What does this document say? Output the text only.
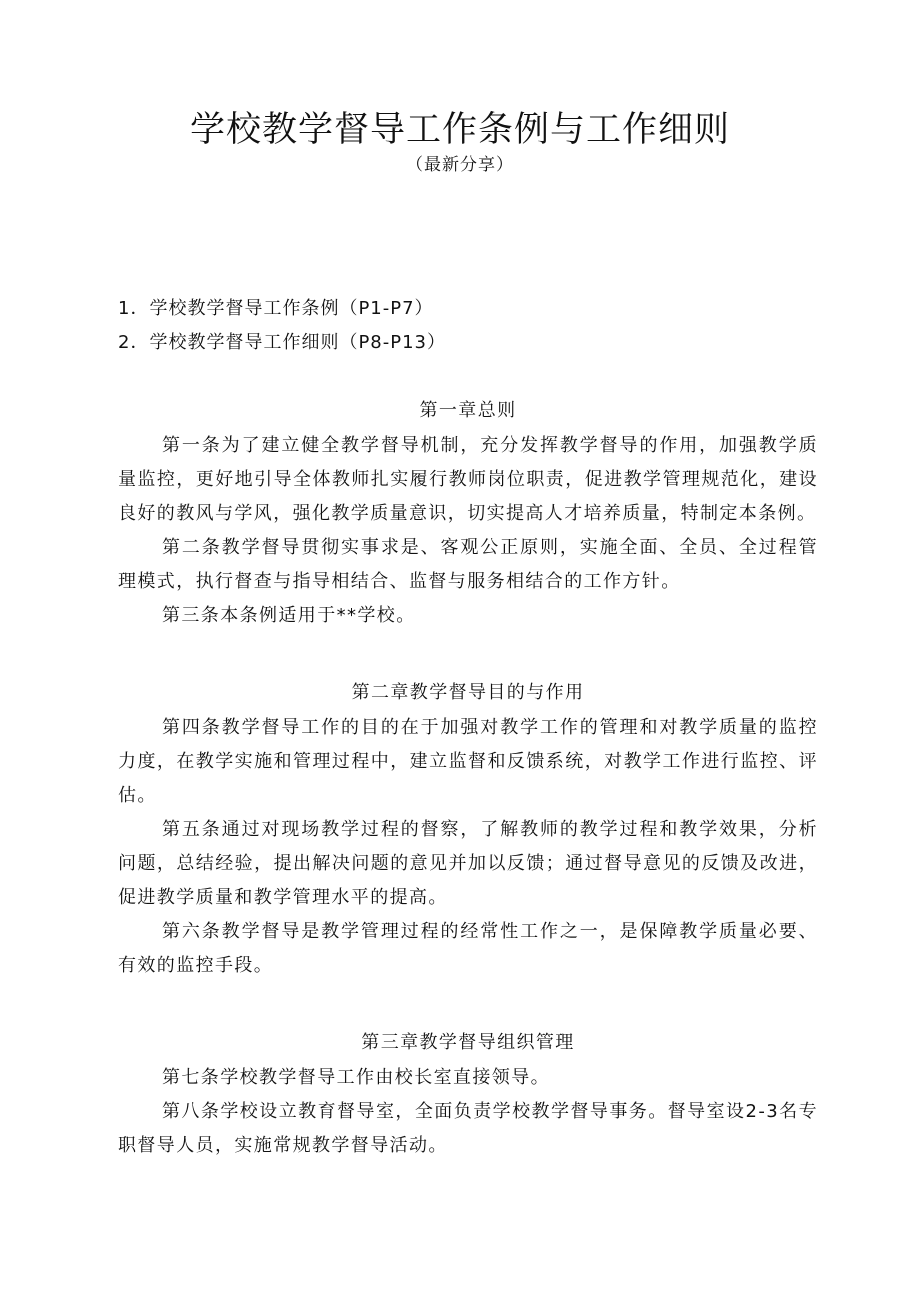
学校教学督导工作条例与工作细则
（最新分享）
1．学校教学督导工作条例（P1-P7）
2．学校教学督导工作细则（P8-P13）
第一章总则

第一条为了建立健全教学督导机制，充分发挥教学督导的作用，加强教学质量监控，更好地引导全体教师扎实履行教师岗位职责，促进教学管理规范化，建设良好的教风与学风，强化教学质量意识，切实提高人才培养质量，特制定本条例。

第二条教学督导贯彻实事求是、客观公正原则，实施全面、全员、全过程管理模式，执行督查与指导相结合、监督与服务相结合的工作方针。

第三条本条例适用于**学校。

第二章教学督导目的与作用

第四条教学督导工作的目的在于加强对教学工作的管理和对教学质量的监控力度，在教学实施和管理过程中，建立监督和反馈系统，对教学工作进行监控、评估。

第五条通过对现场教学过程的督察，了解教师的教学过程和教学效果，分析问题，总结经验，提出解决问题的意见并加以反馈；通过督导意见的反馈及改进，促进教学质量和教学管理水平的提高。

第六条教学督导是教学管理过程的经常性工作之一，是保障教学质量必要、有效的监控手段。

第三章教学督导组织管理

第七条学校教学督导工作由校长室直接领导。

第八条学校设立教育督导室，全面负责学校教学督导事务。督导室设2-3名专职督导人员，实施常规教学督导活动。
